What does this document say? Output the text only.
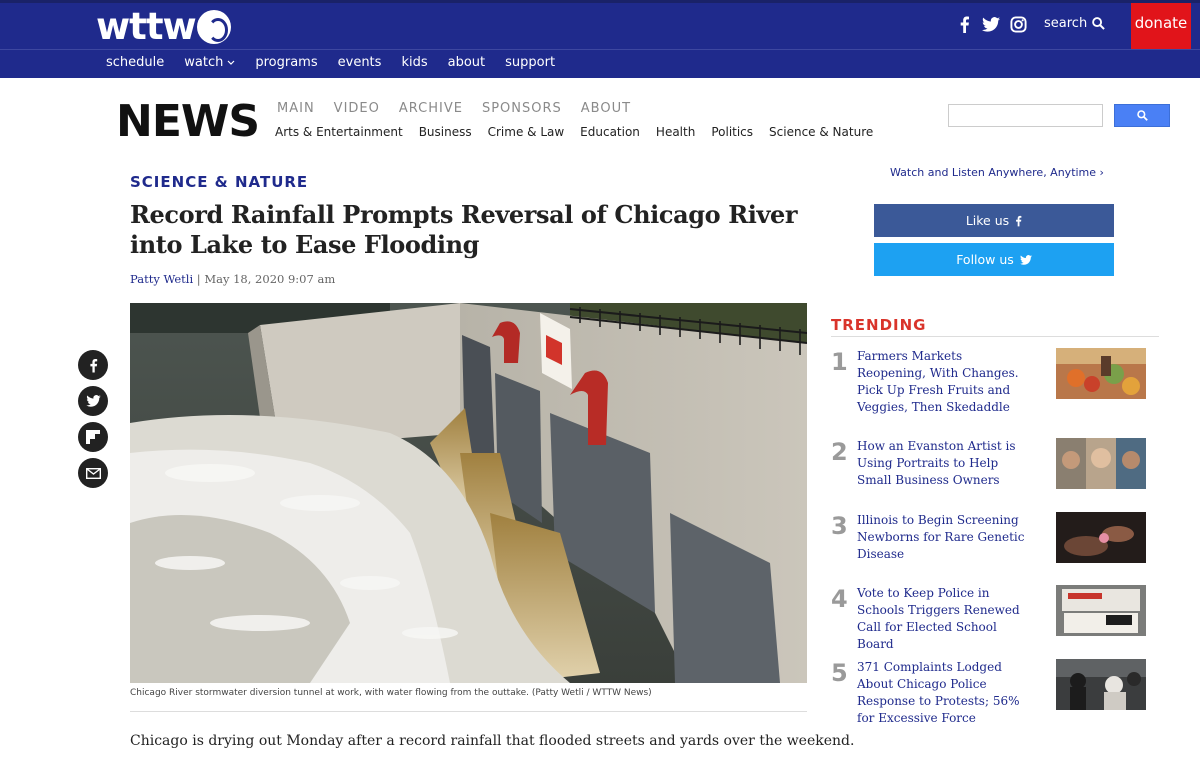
wttw	search	donate
schedule watch programs events kids about support
NEWS MAIN VIDEO ARCHIVE SPONSORS ABOUT
Arts & Entertainment Business Crime & Law Education Health Politics Science & Nature
SCIENCE & NATURE
Record Rainfall Prompts Reversal of Chicago River into Lake to Ease Flooding
Patty Wetli | May 18, 2020 9:07 am
Chicago River stormwater diversion tunnel at work, with water flowing from the outtake. (Patty Wetli / WTTW News)

Chicago is drying out Monday after a record rainfall that flooded streets and yards over the weekend.

Watch and Listen Anywhere, Anytime ›
Like us
Follow us
TRENDING
1 Farmers Markets Reopening, With Changes. Pick Up Fresh Fruits and Veggies, Then Skedaddle
2 How an Evanston Artist is Using Portraits to Help Small Business Owners
3 Illinois to Begin Screening Newborns for Rare Genetic Disease
4 Vote to Keep Police in Schools Triggers Renewed Call for Elected School Board
5 371 Complaints Lodged About Chicago Police Response to Protests; 56% for Excessive Force
